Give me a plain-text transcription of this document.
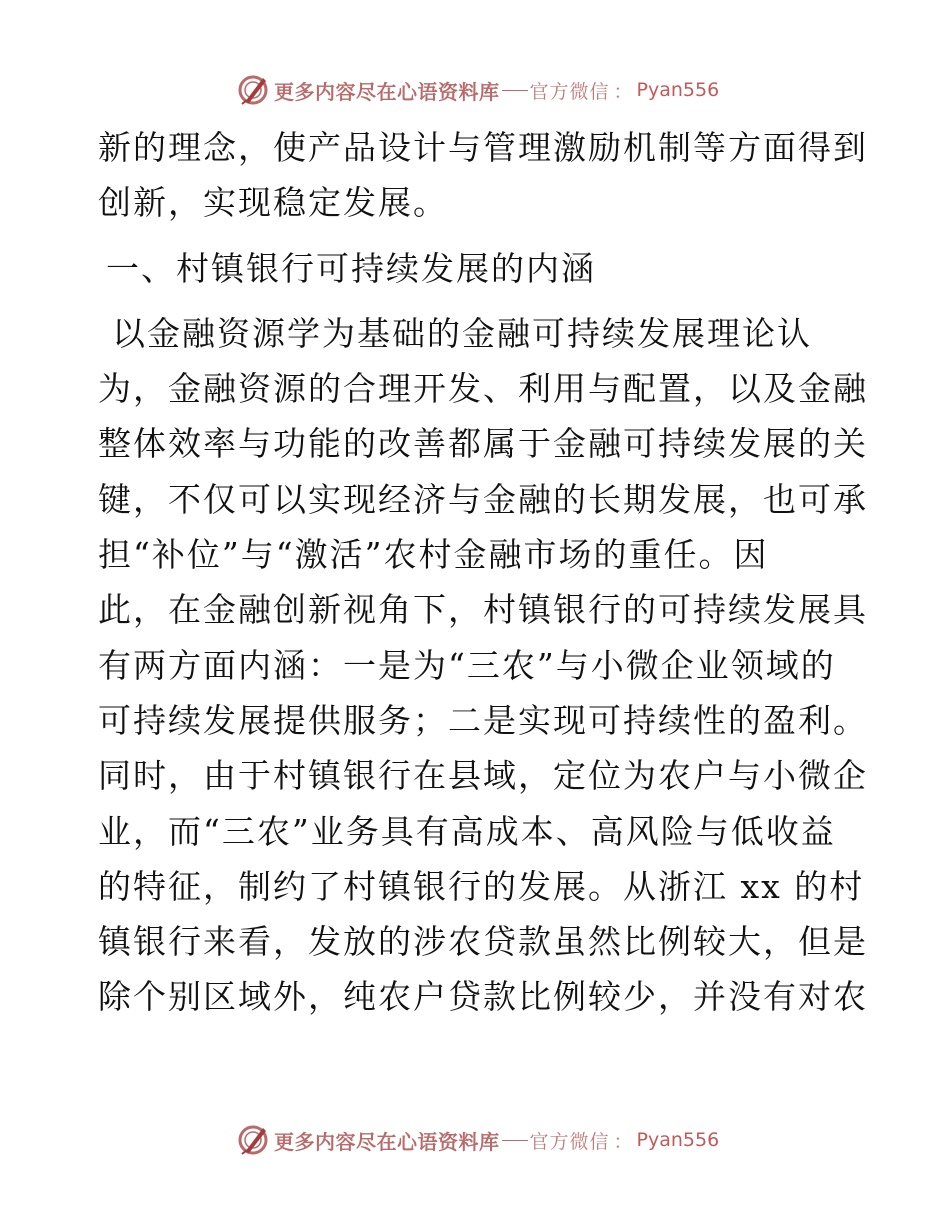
更多内容尽在心语资料库 官方微信 ： Pyan556
新的理念，使产品设计与管理激励机制等方面得到
创新，实现稳定发展。
一、村镇银行可持续发展的内涵
以金融资源学为基础的金融可持续发展理论认
为，金融资源的合理开发、利用与配置，以及金融
整体效率与功能的改善都属于金融可持续发展的关
键，不仅可以实现经济与金融的长期发展，也可承
担“补位”与“激活”农村金融市场的重任。因
此，在金融创新视角下，村镇银行的可持续发展具
有两方面内涵：一是为“三农”与小微企业领域的
可持续发展提供服务；二是实现可持续性的盈利。
同时，由于村镇银行在县域，定位为农户与小微企
业，而“三农”业务具有高成本、高风险与低收益
的特征，制约了村镇银行的发展。从浙江 xx 的村
镇银行来看，发放的涉农贷款虽然比例较大，但是
除个别区域外，纯农户贷款比例较少，并没有对农
更多内容尽在心语资料库 官方微信 ： Pyan556
